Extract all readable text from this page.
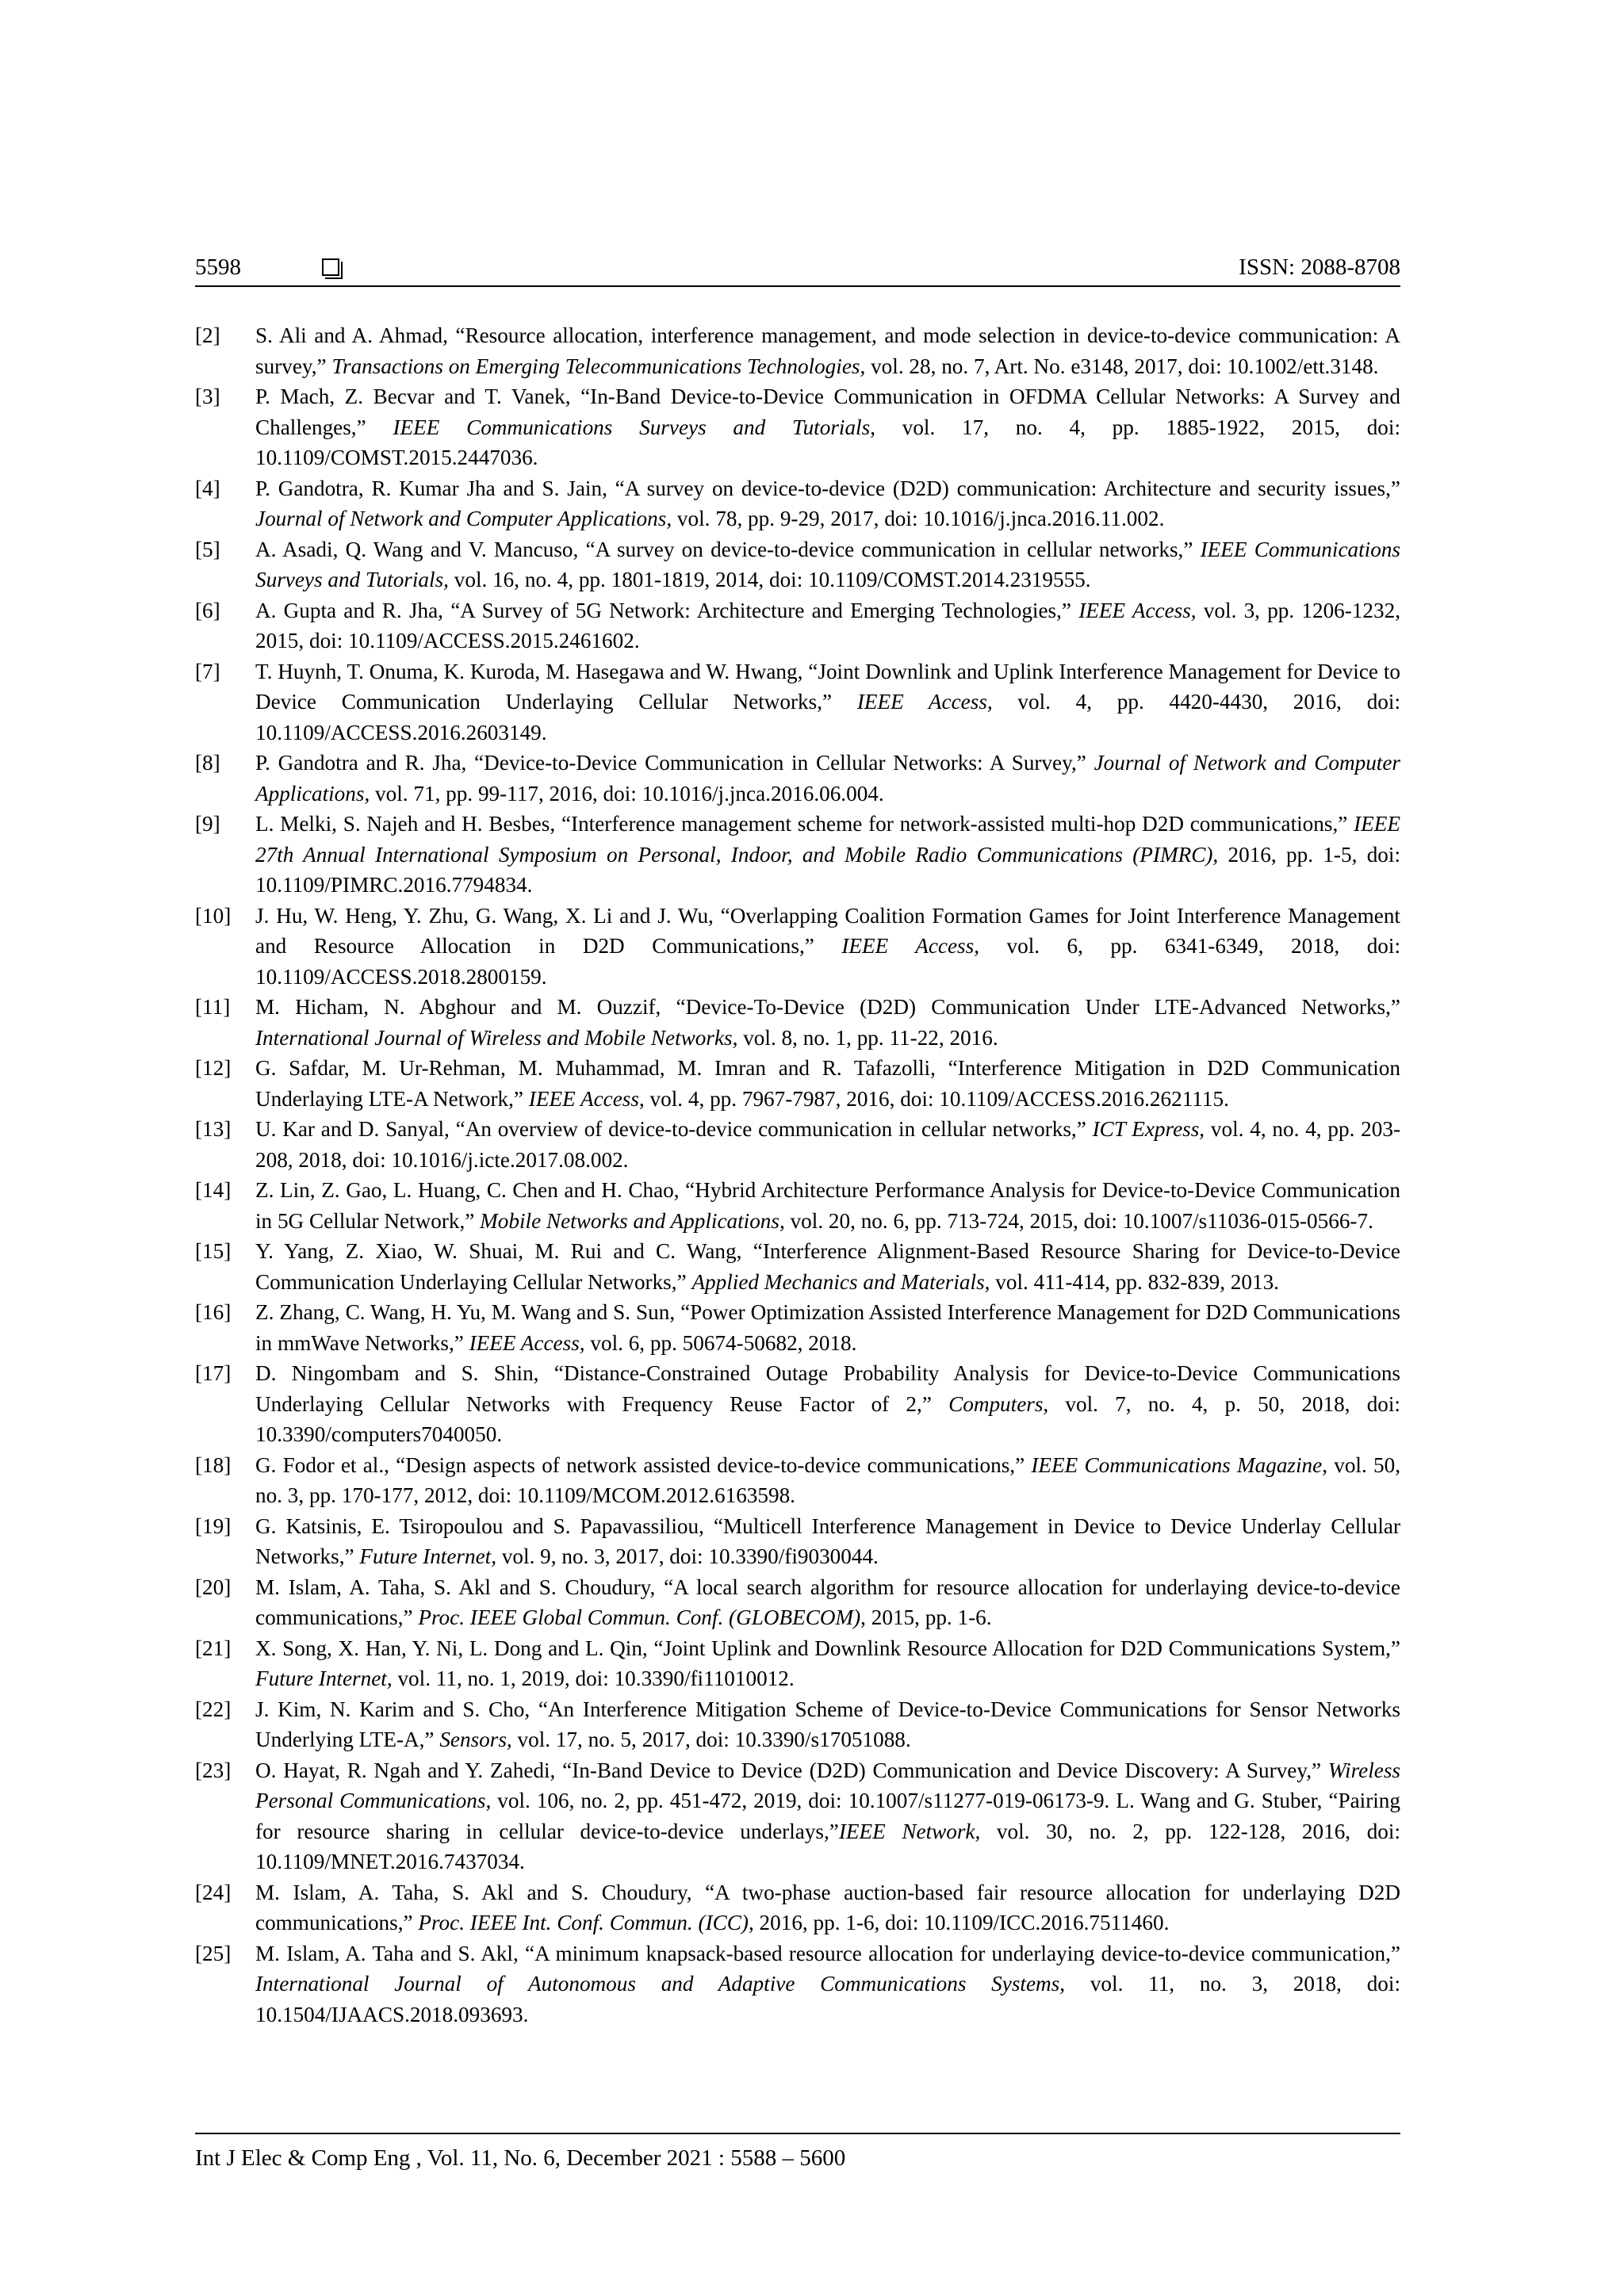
5598	ISSN: 2088-8708
[2]	S. Ali and A. Ahmad, “Resource allocation, interference management, and mode selection in device-to-device communication: A survey,” Transactions on Emerging Telecommunications Technologies, vol. 28, no. 7, Art. No. e3148, 2017, doi: 10.1002/ett.3148.
[3]	P. Mach, Z. Becvar and T. Vanek, “In-Band Device-to-Device Communication in OFDMA Cellular Networks: A Survey and Challenges,” IEEE Communications Surveys and Tutorials, vol. 17, no. 4, pp. 1885-1922, 2015, doi: 10.1109/COMST.2015.2447036.
[4]	P. Gandotra, R. Kumar Jha and S. Jain, “A survey on device-to-device (D2D) communication: Architecture and security issues,” Journal of Network and Computer Applications, vol. 78, pp. 9-29, 2017, doi: 10.1016/j.jnca.2016.11.002.
[5]	A. Asadi, Q. Wang and V. Mancuso, “A survey on device-to-device communication in cellular networks,” IEEE Communications Surveys and Tutorials, vol. 16, no. 4, pp. 1801-1819, 2014, doi: 10.1109/COMST.2014.2319555.
[6]	A. Gupta and R. Jha, “A Survey of 5G Network: Architecture and Emerging Technologies,” IEEE Access, vol. 3, pp. 1206-1232, 2015, doi: 10.1109/ACCESS.2015.2461602.
[7]	T. Huynh, T. Onuma, K. Kuroda, M. Hasegawa and W. Hwang, “Joint Downlink and Uplink Interference Management for Device to Device Communication Underlaying Cellular Networks,” IEEE Access, vol. 4, pp. 4420-4430, 2016, doi: 10.1109/ACCESS.2016.2603149.
[8]	P. Gandotra and R. Jha, “Device-to-Device Communication in Cellular Networks: A Survey,” Journal of Network and Computer Applications, vol. 71, pp. 99-117, 2016, doi: 10.1016/j.jnca.2016.06.004.
[9]	L. Melki, S. Najeh and H. Besbes, “Interference management scheme for network-assisted multi-hop D2D communications,” IEEE 27th Annual International Symposium on Personal, Indoor, and Mobile Radio Communications (PIMRC), 2016, pp. 1-5, doi: 10.1109/PIMRC.2016.7794834.
[10]	J. Hu, W. Heng, Y. Zhu, G. Wang, X. Li and J. Wu, “Overlapping Coalition Formation Games for Joint Interference Management and Resource Allocation in D2D Communications,” IEEE Access, vol. 6, pp. 6341-6349, 2018, doi: 10.1109/ACCESS.2018.2800159.
[11]	M. Hicham, N. Abghour and M. Ouzzif, “Device-To-Device (D2D) Communication Under LTE-Advanced Networks,” International Journal of Wireless and Mobile Networks, vol. 8, no. 1, pp. 11-22, 2016.
[12]	G. Safdar, M. Ur-Rehman, M. Muhammad, M. Imran and R. Tafazolli, “Interference Mitigation in D2D Communication Underlaying LTE-A Network,” IEEE Access, vol. 4, pp. 7967-7987, 2016, doi: 10.1109/ACCESS.2016.2621115.
[13]	U. Kar and D. Sanyal, “An overview of device-to-device communication in cellular networks,” ICT Express, vol. 4, no. 4, pp. 203-208, 2018, doi: 10.1016/j.icte.2017.08.002.
[14]	Z. Lin, Z. Gao, L. Huang, C. Chen and H. Chao, “Hybrid Architecture Performance Analysis for Device-to-Device Communication in 5G Cellular Network,” Mobile Networks and Applications, vol. 20, no. 6, pp. 713-724, 2015, doi: 10.1007/s11036-015-0566-7.
[15]	Y. Yang, Z. Xiao, W. Shuai, M. Rui and C. Wang, “Interference Alignment-Based Resource Sharing for Device-to-Device Communication Underlaying Cellular Networks,” Applied Mechanics and Materials, vol. 411-414, pp. 832-839, 2013.
[16]	Z. Zhang, C. Wang, H. Yu, M. Wang and S. Sun, “Power Optimization Assisted Interference Management for D2D Communications in mmWave Networks,” IEEE Access, vol. 6, pp. 50674-50682, 2018.
[17]	D. Ningombam and S. Shin, “Distance-Constrained Outage Probability Analysis for Device-to-Device Communications Underlaying Cellular Networks with Frequency Reuse Factor of 2,” Computers, vol. 7, no. 4, p. 50, 2018, doi: 10.3390/computers7040050.
[18]	G. Fodor et al., “Design aspects of network assisted device-to-device communications,” IEEE Communications Magazine, vol. 50, no. 3, pp. 170-177, 2012, doi: 10.1109/MCOM.2012.6163598.
[19]	G. Katsinis, E. Tsiropoulou and S. Papavassiliou, “Multicell Interference Management in Device to Device Underlay Cellular Networks,” Future Internet, vol. 9, no. 3, 2017, doi: 10.3390/fi9030044.
[20]	M. Islam, A. Taha, S. Akl and S. Choudury, “A local search algorithm for resource allocation for underlaying device-to-device communications,” Proc. IEEE Global Commun. Conf. (GLOBECOM), 2015, pp. 1-6.
[21]	X. Song, X. Han, Y. Ni, L. Dong and L. Qin, “Joint Uplink and Downlink Resource Allocation for D2D Communications System,” Future Internet, vol. 11, no. 1, 2019, doi: 10.3390/fi11010012.
[22]	J. Kim, N. Karim and S. Cho, “An Interference Mitigation Scheme of Device-to-Device Communications for Sensor Networks Underlying LTE-A,” Sensors, vol. 17, no. 5, 2017, doi: 10.3390/s17051088.
[23]	O. Hayat, R. Ngah and Y. Zahedi, “In-Band Device to Device (D2D) Communication and Device Discovery: A Survey,” Wireless Personal Communications, vol. 106, no. 2, pp. 451-472, 2019, doi: 10.1007/s11277-019-06173-9. L. Wang and G. Stuber, “Pairing for resource sharing in cellular device-to-device underlays,”IEEE Network, vol. 30, no. 2, pp. 122-128, 2016, doi: 10.1109/MNET.2016.7437034.
[24]	M. Islam, A. Taha, S. Akl and S. Choudury, “A two-phase auction-based fair resource allocation for underlaying D2D communications,” Proc. IEEE Int. Conf. Commun. (ICC), 2016, pp. 1-6, doi: 10.1109/ICC.2016.7511460.
[25]	M. Islam, A. Taha and S. Akl, “A minimum knapsack-based resource allocation for underlaying device-to-device communication,” International Journal of Autonomous and Adaptive Communications Systems, vol. 11, no. 3, 2018, doi: 10.1504/IJAACS.2018.093693.
Int J Elec & Comp Eng , Vol. 11, No. 6, December 2021 : 5588 – 5600
